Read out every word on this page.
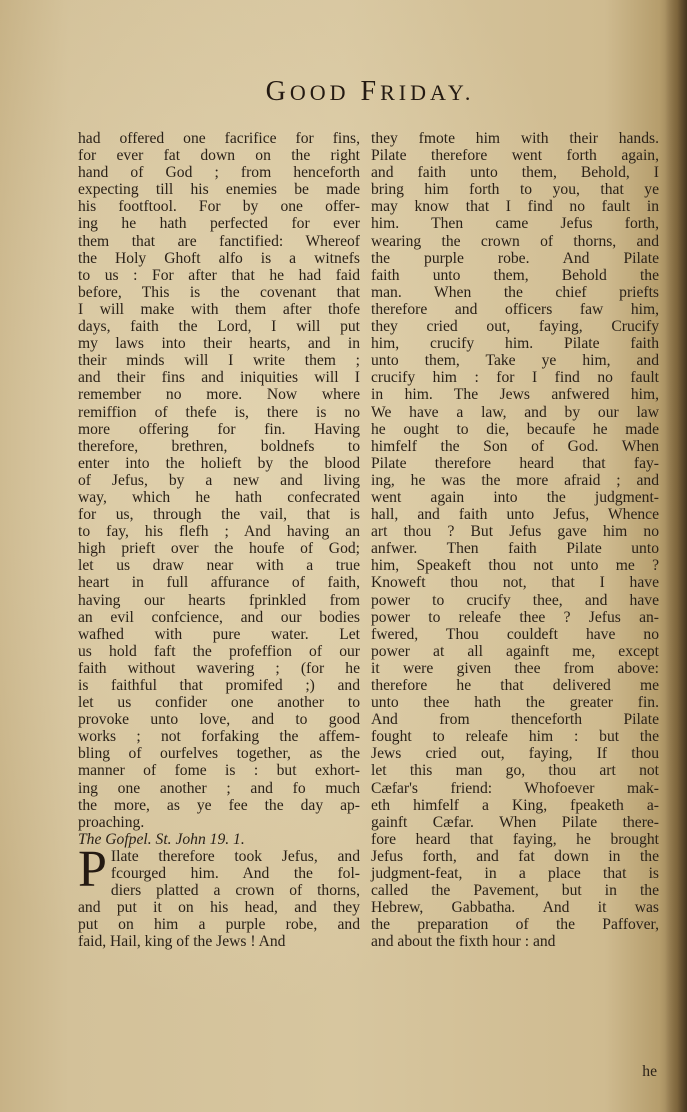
GOOD FRIDAY.
had offered one facrifice for fins,
for ever fat down on the right
hand of God ; from henceforth
expecting till his enemies be made
his footftool. For by one offer-
ing he hath perfected for ever
them that are fanctified: Whereof
the Holy Ghoft alfo is a witnefs
to us : For after that he had faid
before, This is the covenant that
I will make with them after thofe
days, faith the Lord, I will put
my laws into their hearts, and in
their minds will I write them ;
and their fins and iniquities will I
remember no more. Now where
remiffion of thefe is, there is no
more offering for fin. Having
therefore, brethren, boldnefs to
enter into the holieft by the blood
of Jefus, by a new and living
way, which he hath confecrated
for us, through the vail, that is
to fay, his flefh ; And having an
high prieft over the houfe of God;
let us draw near with a true
heart in full affurance of faith,
having our hearts fprinkled from
an evil confcience, and our bodies
wafhed with pure water. Let
us hold faft the profeffion of our
faith without wavering ; (for he
is faithful that promifed ;) and
let us confider one another to
provoke unto love, and to good
works ; not forfaking the affem-
bling of ourfelves together, as the
manner of fome is : but exhort-
ing one another ; and fo much
the more, as ye fee the day ap-
proaching.
The Gofpel. St. John 19. 1.
P Ilate therefore took Jefus, and
fcourged him. And the fol-
diers platted a crown of thorns,
and put it on his head, and they
put on him a purple robe, and
faid, Hail, king of the Jews ! And
they fmote him with their hands.
Pilate therefore went forth again,
and faith unto them, Behold, I
bring him forth to you, that ye
may know that I find no fault in
him. Then came Jefus forth,
wearing the crown of thorns, and
the purple robe. And Pilate
faith unto them, Behold the
man. When the chief priefts
therefore and officers faw him,
they cried out, faying, Crucify
him, crucify him. Pilate faith
unto them, Take ye him, and
crucify him : for I find no fault
in him. The Jews anfwered him,
We have a law, and by our law
he ought to die, becaufe he made
himfelf the Son of God. When
Pilate therefore heard that fay-
ing, he was the more afraid ; and
went again into the judgment-
hall, and faith unto Jefus, Whence
art thou ? But Jefus gave him no
anfwer. Then faith Pilate unto
him, Speakeft thou not unto me ?
Knoweft thou not, that I have
power to crucify thee, and have
power to releafe thee ? Jefus an-
fwered, Thou couldeft have no
power at all againft me, except
it were given thee from above:
therefore he that delivered me
unto thee hath the greater fin.
And from thenceforth Pilate
fought to releafe him : but the
Jews cried out, faying, If thou
let this man go, thou art not
Cæfar's friend: Whofoever mak-
eth himfelf a King, fpeaketh a-
gainft Cæfar. When Pilate there-
fore heard that faying, he brought
Jefus forth, and fat down in the
judgment-feat, in a place that is
called the Pavement, but in the
Hebrew, Gabbatha. And it was
the preparation of the Paffover,
and about the fixth hour : and
he
